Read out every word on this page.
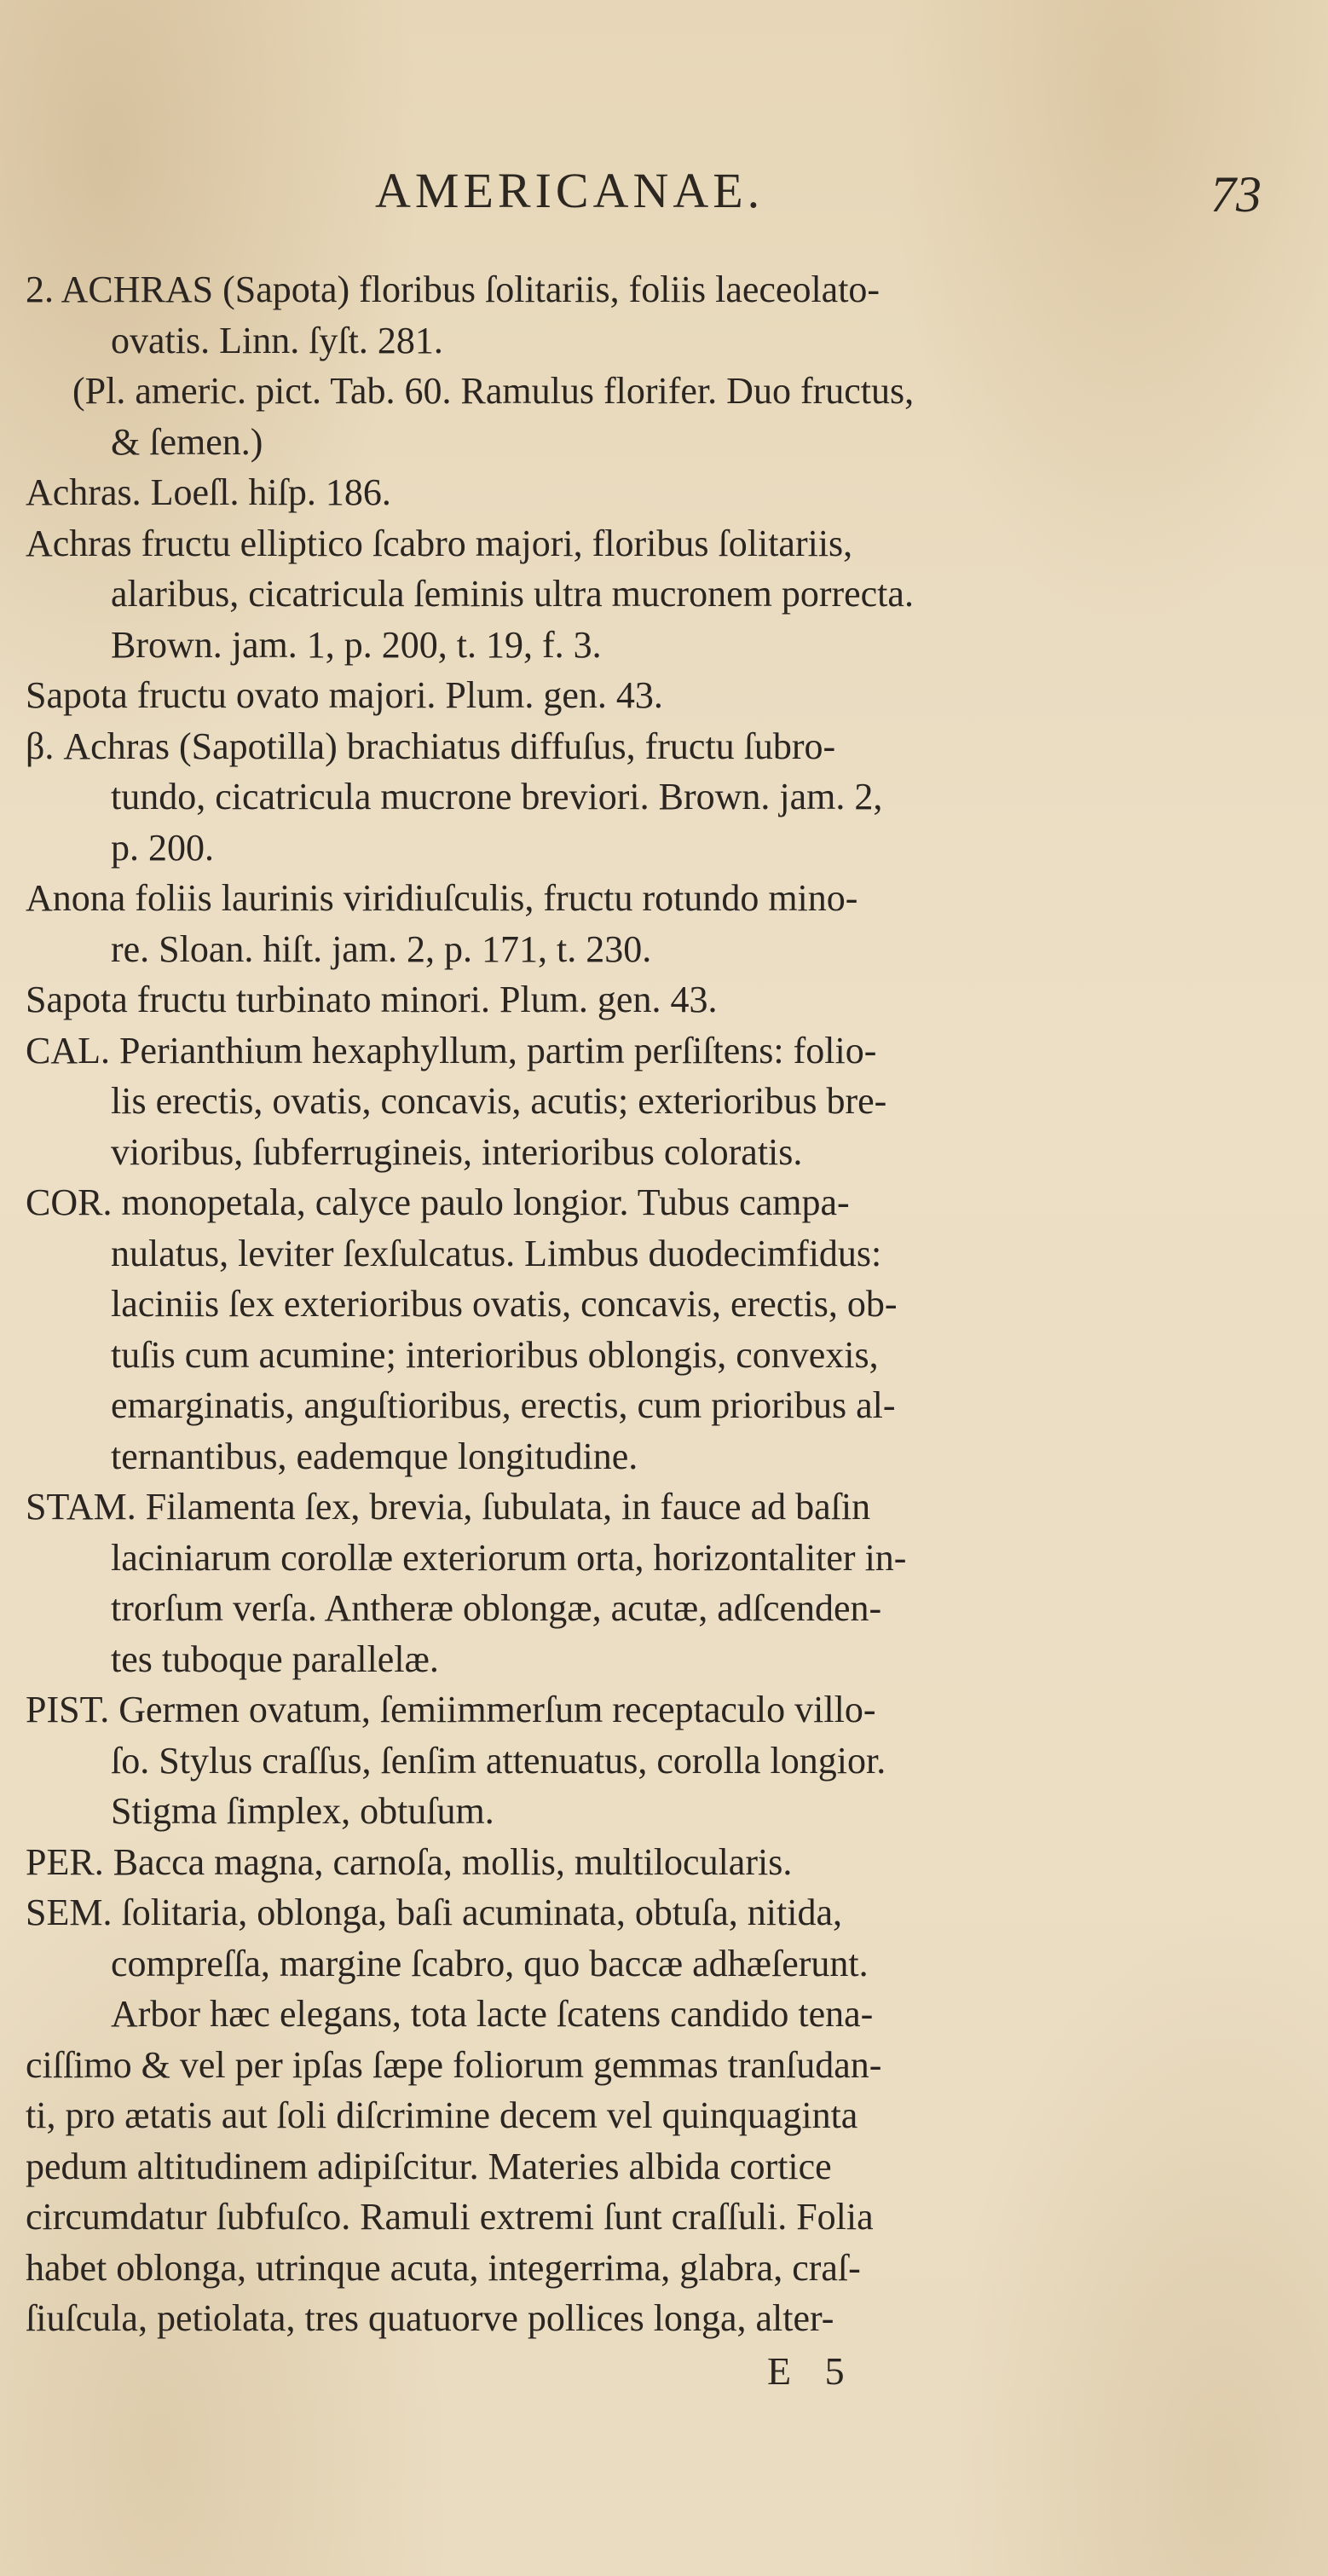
AMERICANAE.	73
2. ACHRAS (Sapota) floribus ſolitariis, foliis laeceolato-
ovatis. Linn. ſyſt. 281.
(Pl. americ. pict. Tab. 60. Ramulus florifer. Duo fructus,
& ſemen.)
Achras. Loeſl. hiſp. 186.
Achras fructu elliptico ſcabro majori, floribus ſolitariis,
alaribus, cicatricula ſeminis ultra mucronem porrecta.
Brown. jam. 1, p. 200, t. 19, f. 3.
Sapota fructu ovato majori. Plum. gen. 43.
β. Achras (Sapotilla) brachiatus diffuſus, fructu ſubro-
tundo, cicatricula mucrone breviori. Brown. jam. 2,
p. 200.
Anona foliis laurinis viridiuſculis, fructu rotundo mino-
re. Sloan. hiſt. jam. 2, p. 171, t. 230.
Sapota fructu turbinato minori. Plum. gen. 43.
CAL. Perianthium hexaphyllum, partim perſiſtens: folio-
lis erectis, ovatis, concavis, acutis; exterioribus bre-
vioribus, ſubferrugineis, interioribus coloratis.
COR. monopetala, calyce paulo longior. Tubus campa-
nulatus, leviter ſexſulcatus. Limbus duodecimfidus:
laciniis ſex exterioribus ovatis, concavis, erectis, ob-
tuſis cum acumine; interioribus oblongis, convexis,
emarginatis, anguſtioribus, erectis, cum prioribus al-
ternantibus, eademque longitudine.
STAM. Filamenta ſex, brevia, ſubulata, in fauce ad baſin
laciniarum corollæ exteriorum orta, horizontaliter in-
trorſum verſa. Antheræ oblongæ, acutæ, adſcenden-
tes tuboque parallelæ.
PIST. Germen ovatum, ſemiimmerſum receptaculo villo-
ſo. Stylus craſſus, ſenſim attenuatus, corolla longior.
Stigma ſimplex, obtuſum.
PER. Bacca magna, carnoſa, mollis, multilocularis.
SEM. ſolitaria, oblonga, baſi acuminata, obtuſa, nitida,
compreſſa, margine ſcabro, quo baccæ adhæſerunt.
Arbor hæc elegans, tota lacte ſcatens candido tena-
ciſſimo & vel per ipſas ſæpe foliorum gemmas tranſudan-
ti, pro ætatis aut ſoli diſcrimine decem vel quinquaginta
pedum altitudinem adipiſcitur. Materies albida cortice
circumdatur ſubfuſco. Ramuli extremi ſunt craſſuli. Folia
habet oblonga, utrinque acuta, integerrima, glabra, craſ-
ſiuſcula, petiolata, tres quatuorve pollices longa, alter-
E 5
